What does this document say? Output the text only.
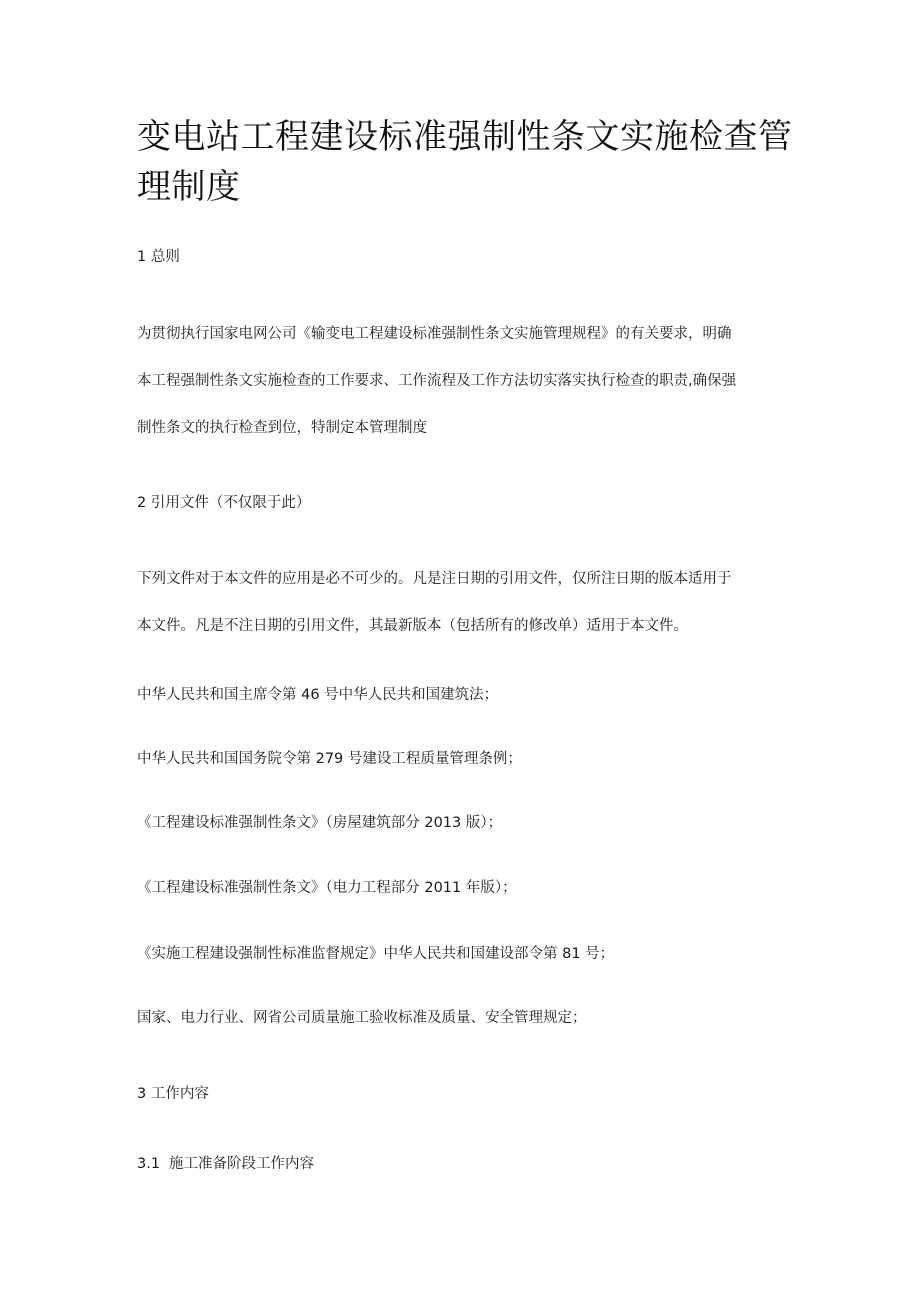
变电站工程建设标准强制性条文实施检查管
理制度
1 总则
为贯彻执行国家电网公司《输变电工程建设标准强制性条文实施管理规程》的有关要求，明确
本工程强制性条文实施检查的工作要求、工作流程及工作方法切实落实执行检查的职责,确保强
制性条文的执行检查到位，特制定本管理制度
2 引用文件（不仅限于此）
下列文件对于本文件的应用是必不可少的。凡是注日期的引用文件，仅所注日期的版本适用于
本文件。凡是不注日期的引用文件，其最新版本（包括所有的修改单）适用于本文件。
中华人民共和国主席令第 46 号中华人民共和国建筑法；
中华人民共和国国务院令第 279 号建设工程质量管理条例；
《工程建设标准强制性条文》（房屋建筑部分 2013 版）；
《工程建设标准强制性条文》（电力工程部分 2011 年版）；
《实施工程建设强制性标准监督规定》中华人民共和国建设部令第 81 号；
国家、电力行业、网省公司质量施工验收标准及质量、安全管理规定；
3 工作内容
3.1 施工准备阶段工作内容
